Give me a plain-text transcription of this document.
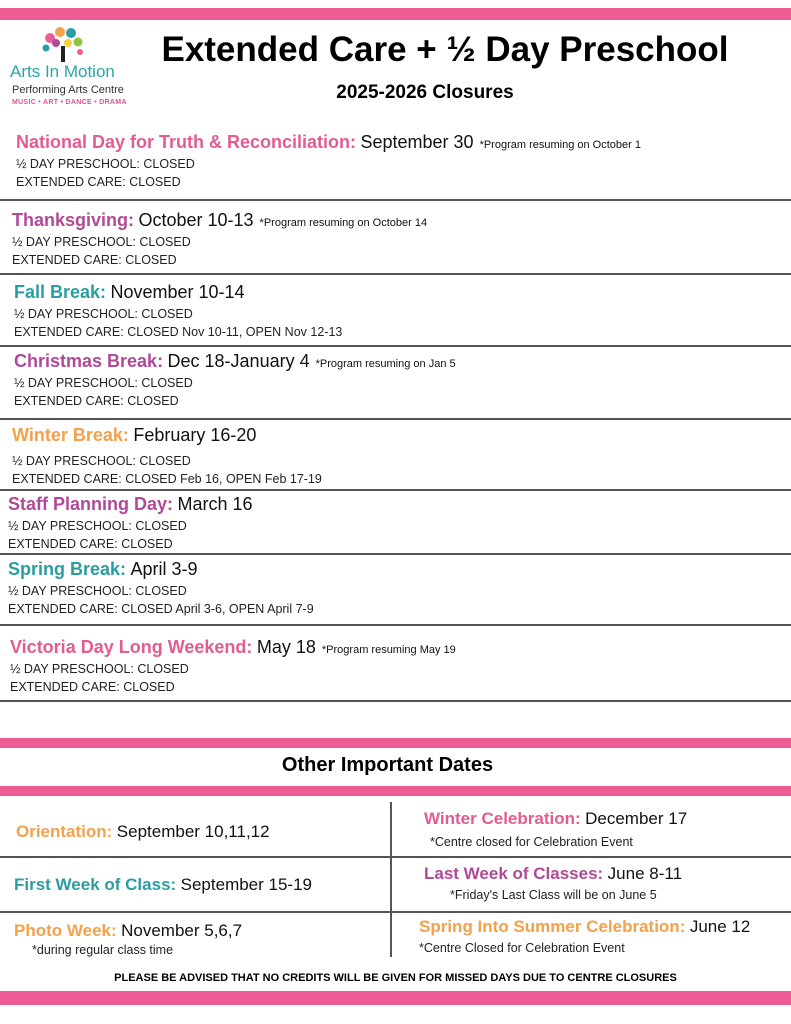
Arts In Motion
Performing Arts Centre
MUSIC • ART • DANCE • DRAMA
Extended Care + ½ Day Preschool
2025-2026 Closures
National Day for Truth & Reconciliation: September 30 *Program resuming on October 1
½ DAY PRESCHOOL: CLOSED
EXTENDED CARE: CLOSED
Thanksgiving: October 10-13 *Program resuming on October 14
½ DAY PRESCHOOL: CLOSED
EXTENDED CARE: CLOSED
Fall Break: November 10-14
½ DAY PRESCHOOL: CLOSED
EXTENDED CARE: CLOSED Nov 10-11, OPEN Nov 12-13
Christmas Break: Dec 18-January 4 *Program resuming on Jan 5
½ DAY PRESCHOOL: CLOSED
EXTENDED CARE: CLOSED
Winter Break: February 16-20
½ DAY PRESCHOOL: CLOSED
EXTENDED CARE: CLOSED Feb 16, OPEN Feb 17-19
Staff Planning Day: March 16
½ DAY PRESCHOOL: CLOSED
EXTENDED CARE: CLOSED
Spring Break: April 3-9
½ DAY PRESCHOOL: CLOSED
EXTENDED CARE: CLOSED April 3-6, OPEN April 7-9
Victoria Day Long Weekend: May 18 *Program resuming May 19
½ DAY PRESCHOOL: CLOSED
EXTENDED CARE: CLOSED
Other Important Dates
Orientation: September 10,11,12
First Week of Class: September 15-19
Photo Week: November 5,6,7
*during regular class time
Winter Celebration: December 17
*Centre closed for Celebration Event
Last Week of Classes: June 8-11
*Friday's Last Class will be on June 5
Spring Into Summer Celebration: June 12
*Centre Closed for Celebration Event
PLEASE BE ADVISED THAT NO CREDITS WILL BE GIVEN FOR MISSED DAYS DUE TO CENTRE CLOSURES
